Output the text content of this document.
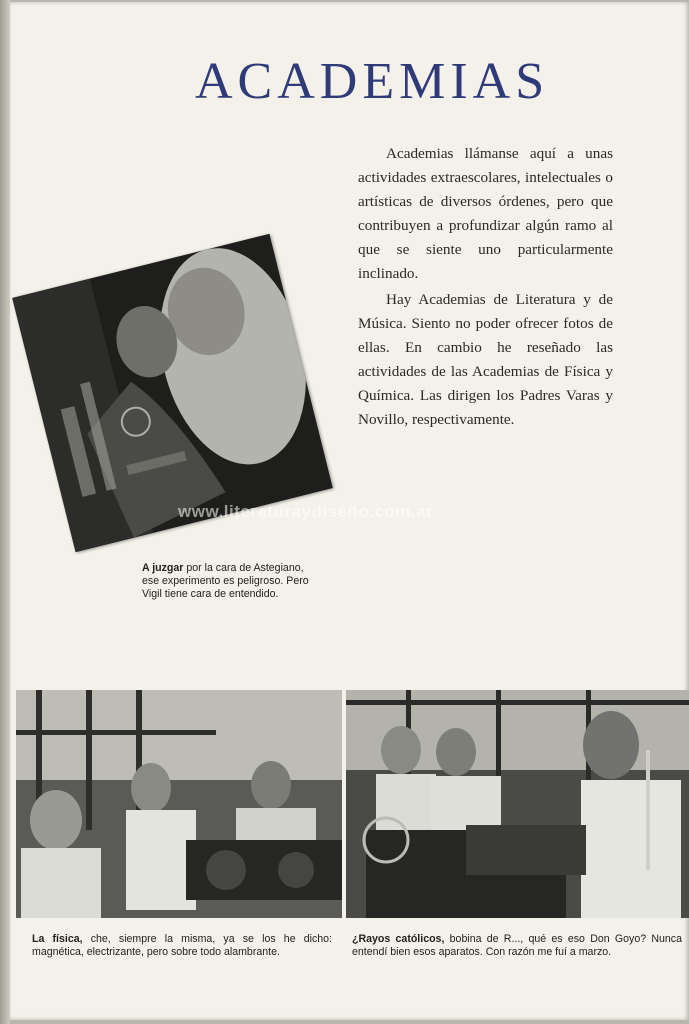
ACADEMIAS

Academias llámanse aquí a unas actividades extraescolares, intelectuales o artísticas de diversos órdenes, pero que contribuyen a profundizar algún ramo al que se siente uno particularmente inclinado.

Hay Academias de Literatura y de Música. Siento no poder ofrecer fotos de ellas. En cambio he reseñado las actividades de las Academias de Física y Química. Las dirigen los Padres Varas y Novillo, respectivamente.

www.literaturaydiseño.com.ar
A juzgar por la cara de Astegiano, ese experimento es peligroso. Pero Vigil tiene cara de entendido.
La física, che, siempre la misma, ya se los he dicho: magnética, electrizante, pero sobre todo alambrante.
¿Rayos católicos, bobina de R..., qué es eso Don Goyo? Nunca entendí bien esos aparatos. Con razón me fuí a marzo.
